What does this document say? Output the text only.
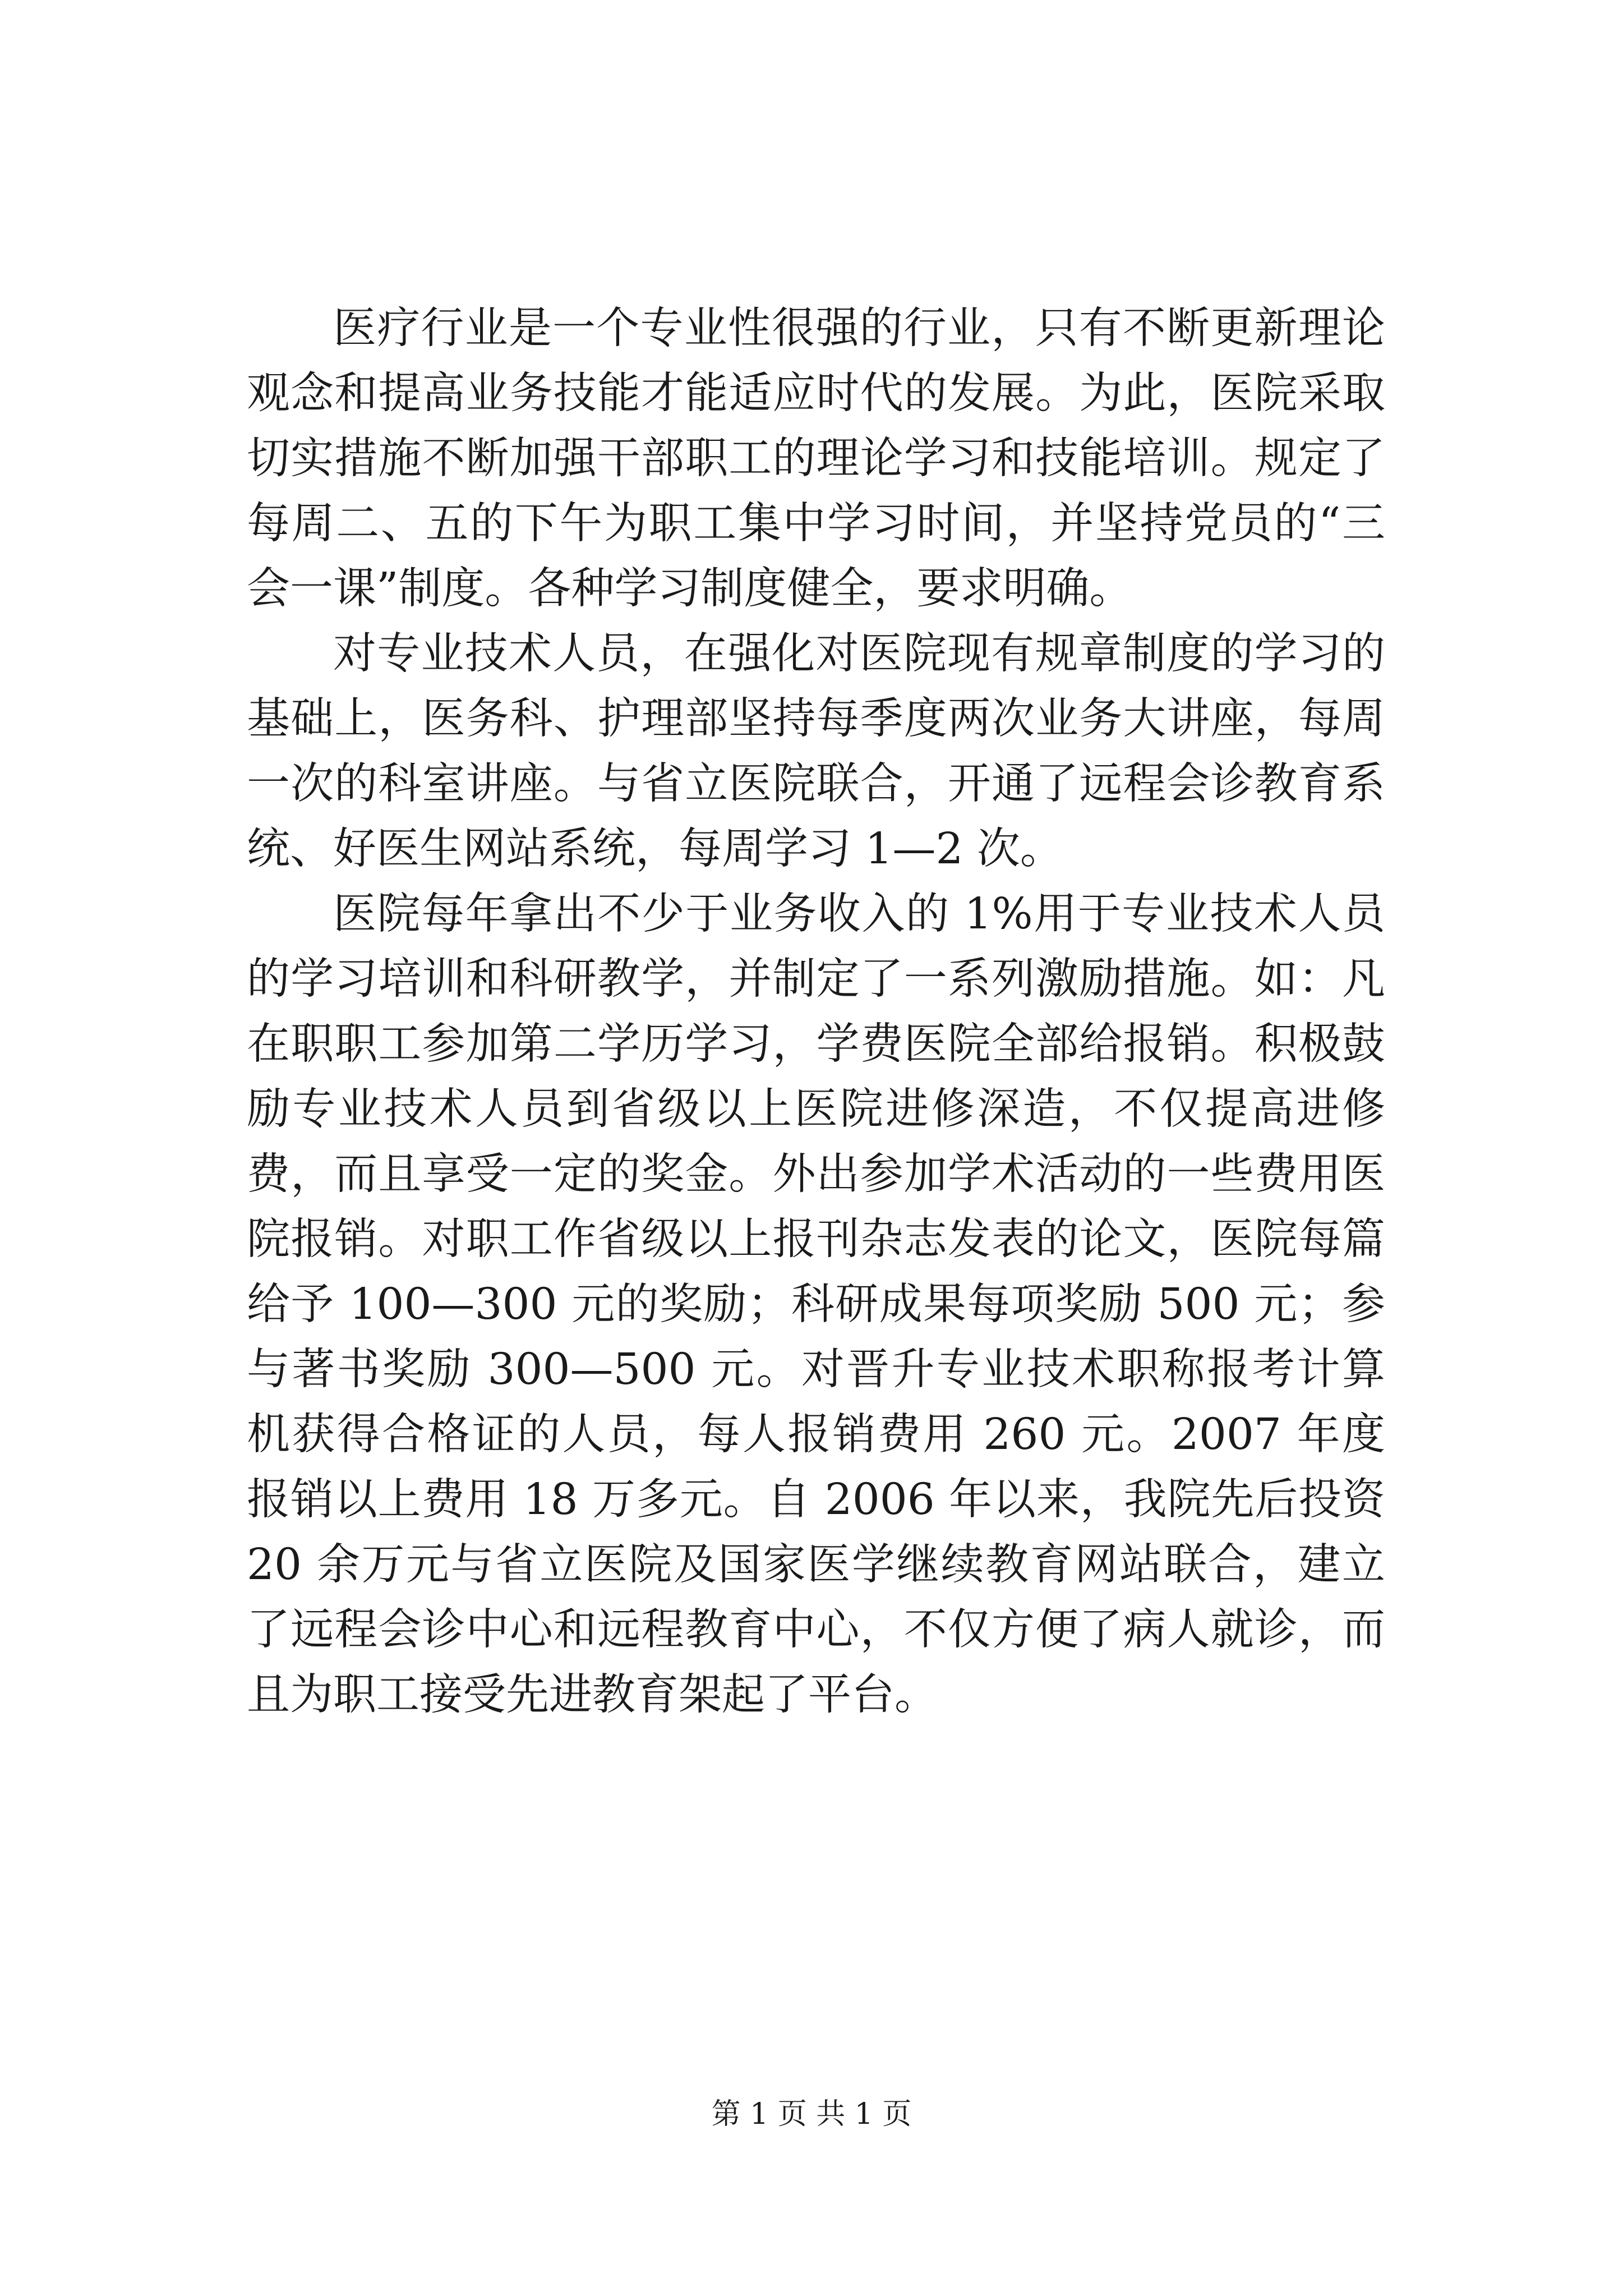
医疗行业是一个专业性很强的行业，只有不断更新理论观念和提高业务技能才能适应时代的发展。为此，医院采取切实措施不断加强干部职工的理论学习和技能培训。规定了每周二、五的下午为职工集中学习时间，并坚持党员的“三会一课”制度。各种学习制度健全，要求明确。

对专业技术人员，在强化对医院现有规章制度的学习的基础上，医务科、护理部坚持每季度两次业务大讲座，每周一次的科室讲座。与省立医院联合，开通了远程会诊教育系统、好医生网站系统，每周学习 1—2 次。

医院每年拿出不少于业务收入的 1%用于专业技术人员的学习培训和科研教学，并制定了一系列激励措施。如：凡在职职工参加第二学历学习，学费医院全部给报销。积极鼓励专业技术人员到省级以上医院进修深造，不仅提高进修费，而且享受一定的奖金。外出参加学术活动的一些费用医院报销。对职工作省级以上报刊杂志发表的论文，医院每篇给予 100—300 元的奖励；科研成果每项奖励 500 元；参与著书奖励 300—500 元。对晋升专业技术职称报考计算机获得合格证的人员，每人报销费用 260 元。2007 年度报销以上费用 18 万多元。自 2006 年以来，我院先后投资 20 余万元与省立医院及国家医学继续教育网站联合，建立了远程会诊中心和远程教育中心，不仅方便了病人就诊，而且为职工接受先进教育架起了平台。

第 1 页 共 1 页
